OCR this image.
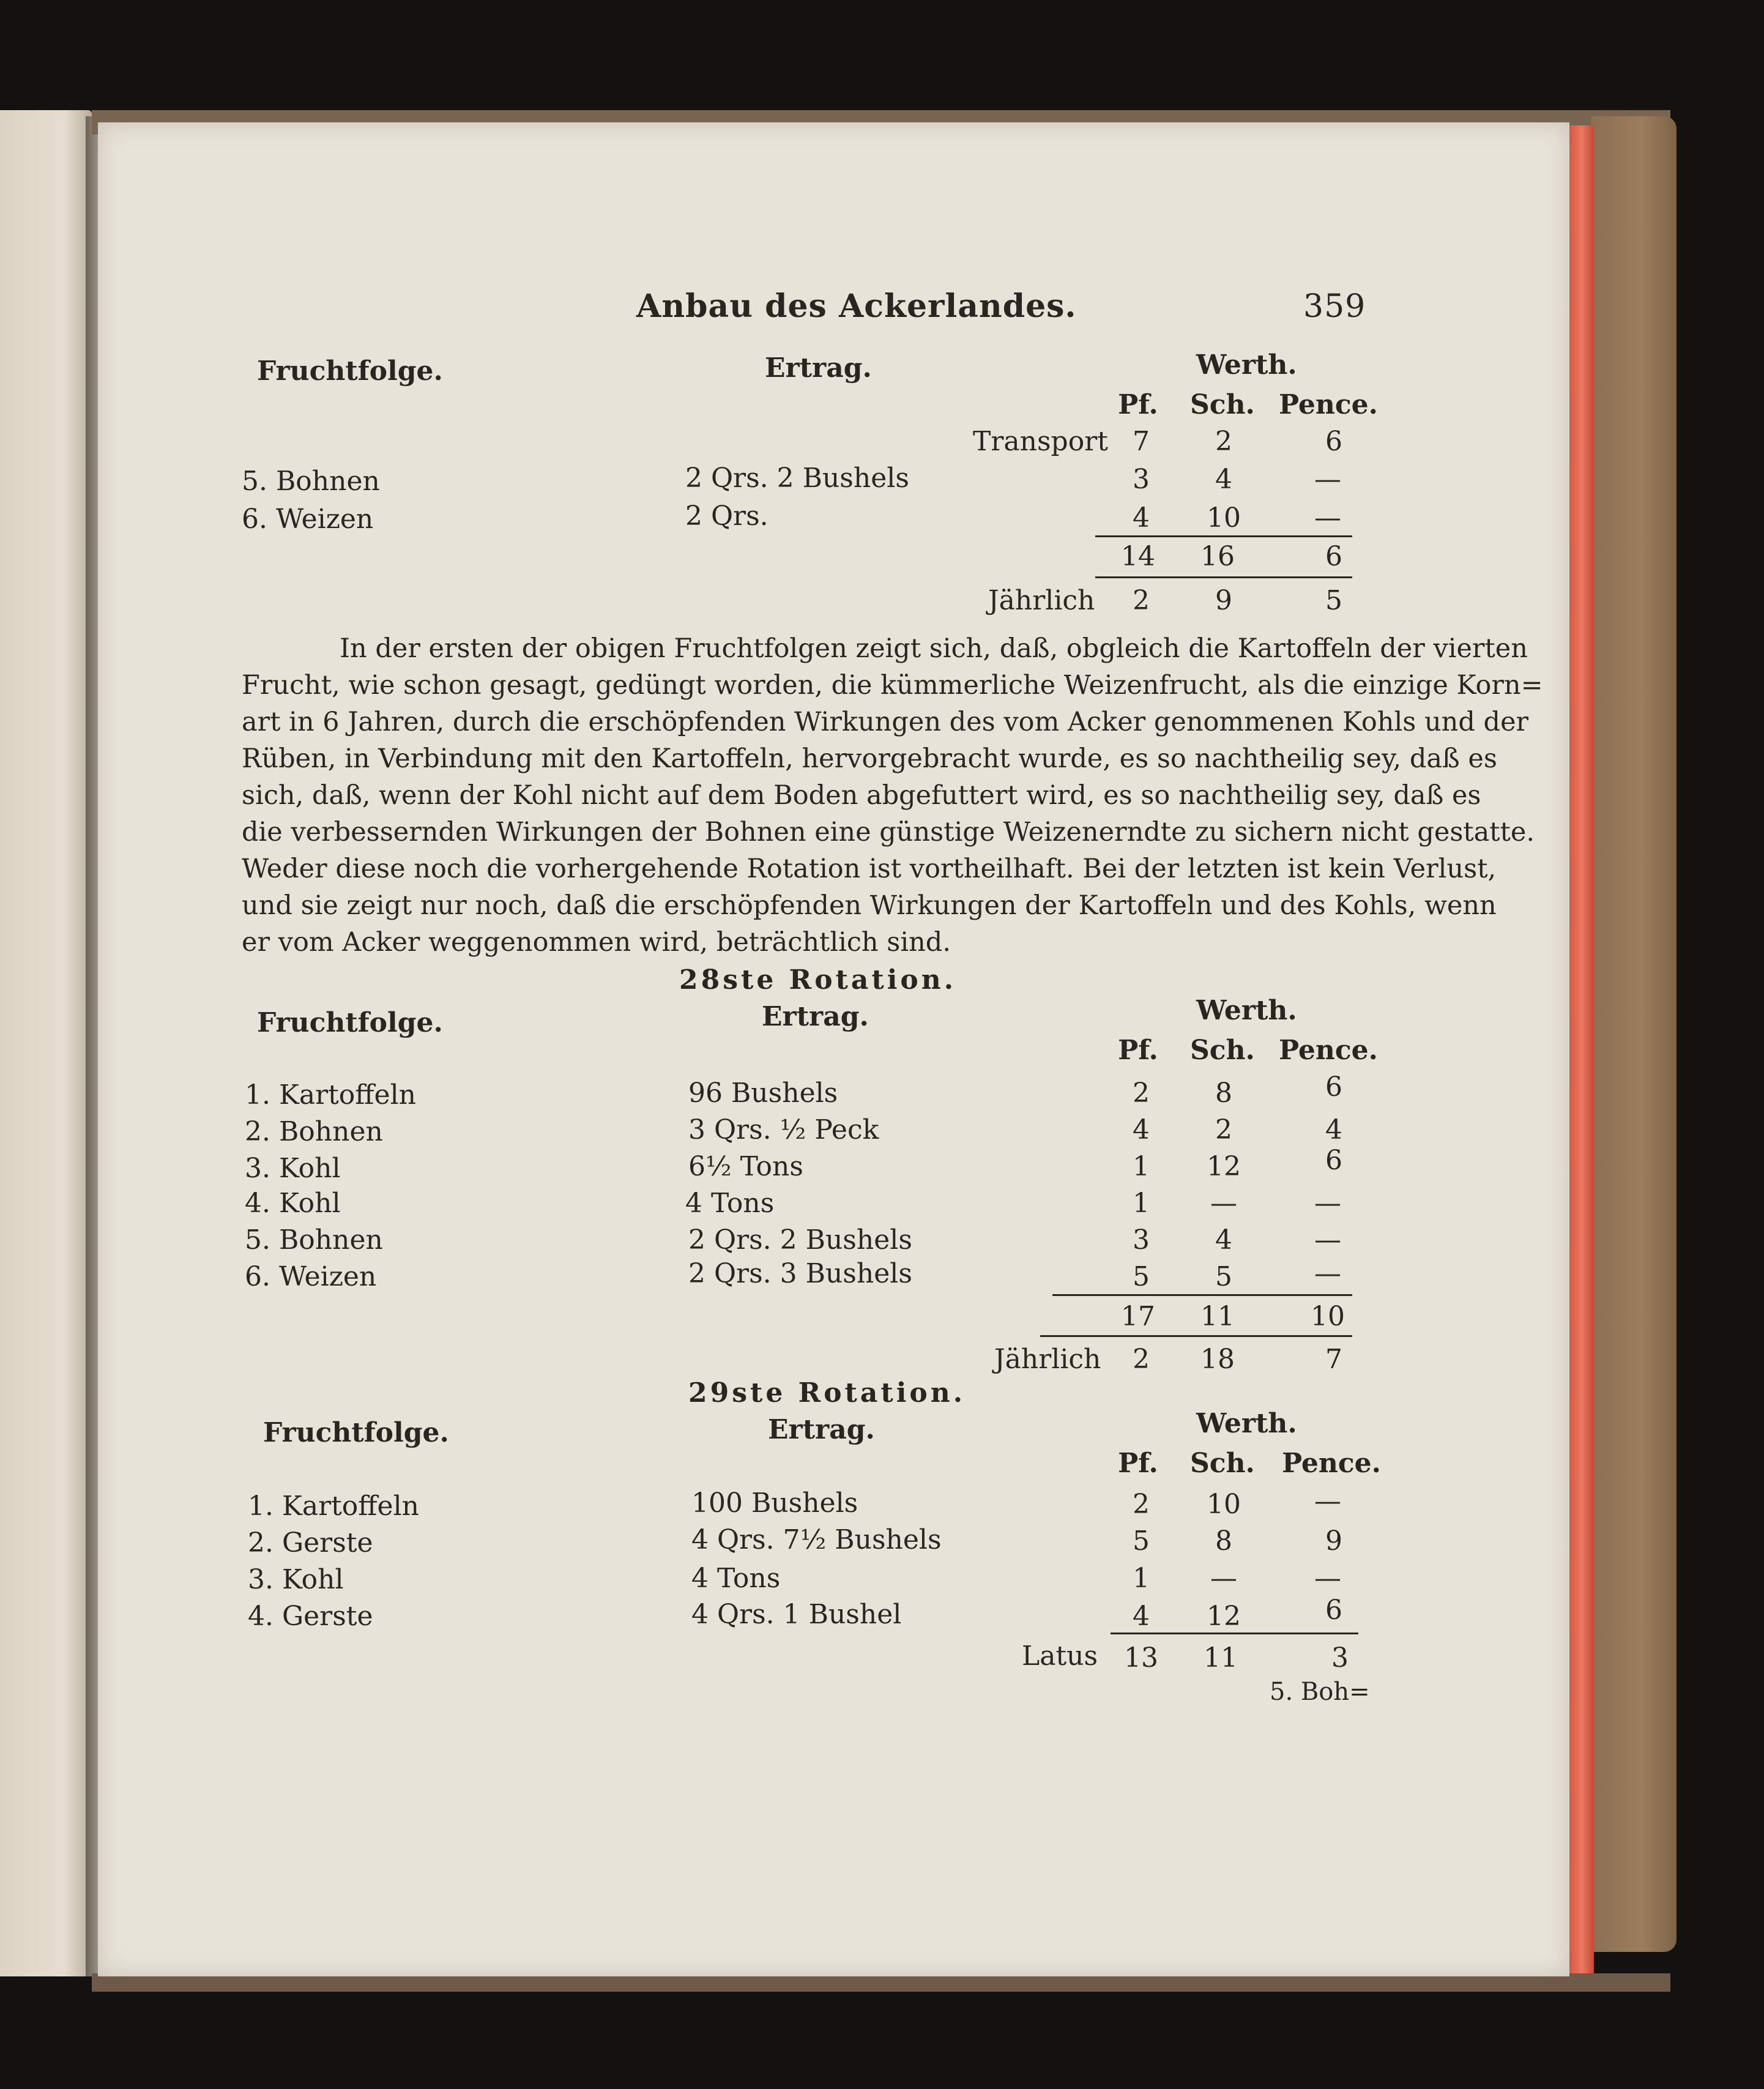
Anbau des Ackerlandes.	359
Fruchtfolge.	Ertrag.	Werth.
Pf. Sch. Pence.
Transport 7	2	6
5. Bohnen	2 Qrs. 2 Bushels	3	4	—
6. Weizen	2 Qrs.	4	10	—
14	16	6
Jährlich	2	9	5
In der ersten der obigen Fruchtfolgen zeigt sich, daß, obgleich die Kartoffeln der vierten
Frucht, wie schon gesagt, gedüngt worden, die kümmerliche Weizenfrucht, als die einzige Korn=
art in 6 Jahren, durch die erschöpfenden Wirkungen des vom Acker genommenen Kohls und der
Rüben, in Verbindung mit den Kartoffeln, hervorgebracht wurde, es so nachtheilig sey, daß es
sich, daß, wenn der Kohl nicht auf dem Boden abgefuttert wird, es so nachtheilig sey, daß es
die verbessernden Wirkungen der Bohnen eine günstige Weizenerndte zu sichern nicht gestatte.
Weder diese noch die vorhergehende Rotation ist vortheilhaft. Bei der letzten ist kein Verlust,
und sie zeigt nur noch, daß die erschöpfenden Wirkungen der Kartoffeln und des Kohls, wenn
er vom Acker weggenommen wird, beträchtlich sind.
28ste Rotation.
Fruchtfolge.	Ertrag.	Werth.
Pf. Sch. Pence.
1. Kartoffeln	96 Bushels	2	8	6
2. Bohnen	3 Qrs. ½ Peck	4	2	4
3. Kohl	6½ Tons	1	12	6
4. Kohl	4 Tons	1	—	—
5. Bohnen	2 Qrs. 2 Bushels	3	4	—
6. Weizen	2 Qrs. 3 Bushels	5	5	—
17	11	10
Jährlich	2	18	7
29ste Rotation.
Fruchtfolge.	Ertrag.	Werth.
Pf. Sch. Pence.
1. Kartoffeln	100 Bushels	2	10	—
2. Gerste	4 Qrs. 7½ Bushels	5	8	9
3. Kohl	4 Tons	1	—	—
4. Gerste	4 Qrs. 1 Bushel	4	12	6
Latus 13	11	3
5. Boh=
